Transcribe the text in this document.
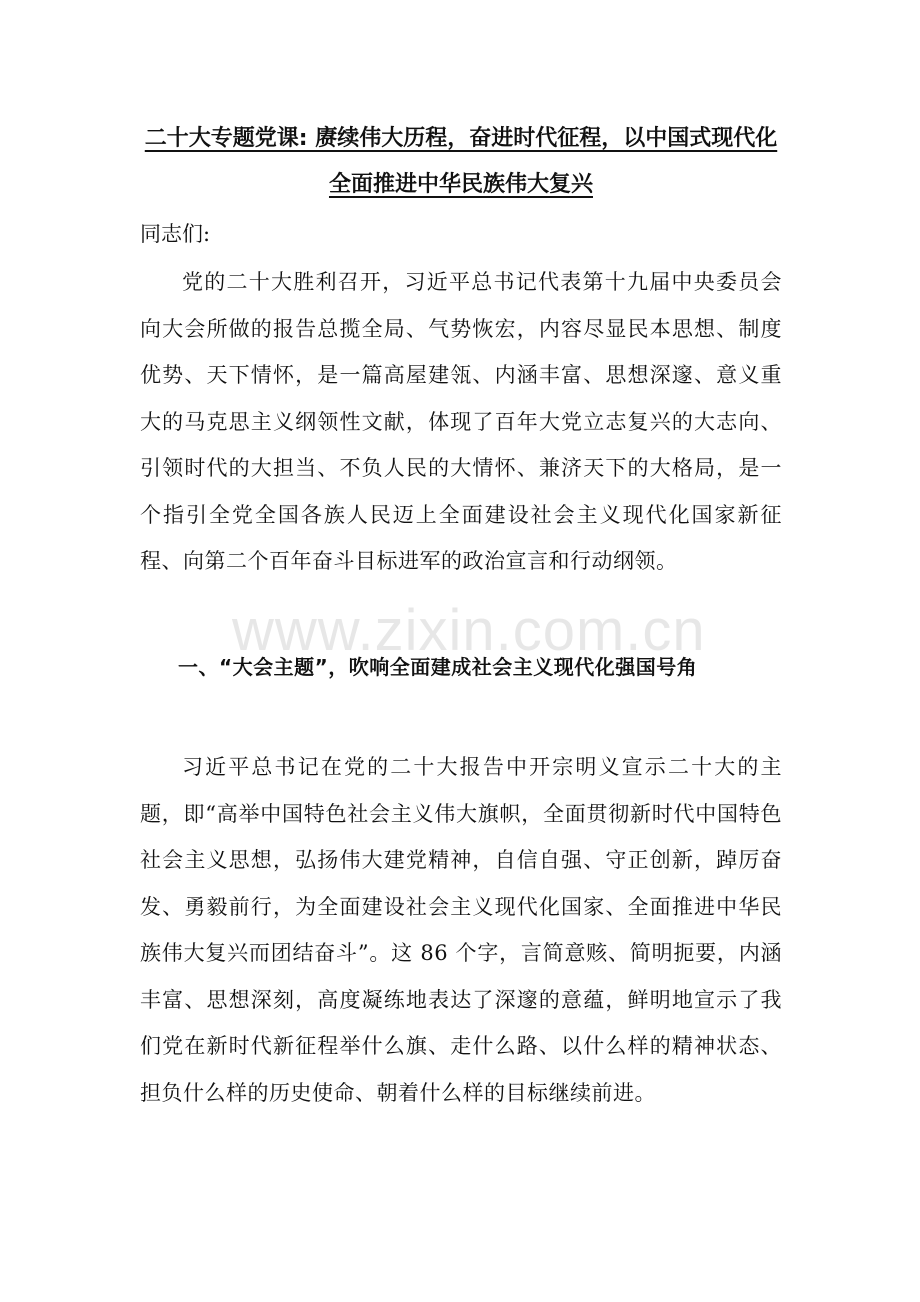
二十大专题党课: 赓续伟大历程，奋进时代征程，以中国式现代化全面推进中华民族伟大复兴

同志们:

党的二十大胜利召开，习近平总书记代表第十九届中央委员会向大会所做的报告总揽全局、气势恢宏，内容尽显民本思想、制度优势、天下情怀，是一篇高屋建瓴、内涵丰富、思想深邃、意义重大的马克思主义纲领性文献，体现了百年大党立志复兴的大志向、引领时代的大担当、不负人民的大情怀、兼济天下的大格局，是一个指引全党全国各族人民迈上全面建设社会主义现代化国家新征程、向第二个百年奋斗目标进军的政治宣言和行动纲领。

www.zixin.com.cn
一、“大会主题”，吹响全面建成社会主义现代化强国号角

习近平总书记在党的二十大报告中开宗明义宣示二十大的主题，即“高举中国特色社会主义伟大旗帜，全面贯彻新时代中国特色社会主义思想，弘扬伟大建党精神，自信自强、守正创新，踔厉奋发、勇毅前行，为全面建设社会主义现代化国家、全面推进中华民族伟大复兴而团结奋斗”。这 86 个字，言简意赅、简明扼要，内涵丰富、思想深刻，高度凝练地表达了深邃的意蕴，鲜明地宣示了我们党在新时代新征程举什么旗、走什么路、以什么样的精神状态、担负什么样的历史使命、朝着什么样的目标继续前进。
